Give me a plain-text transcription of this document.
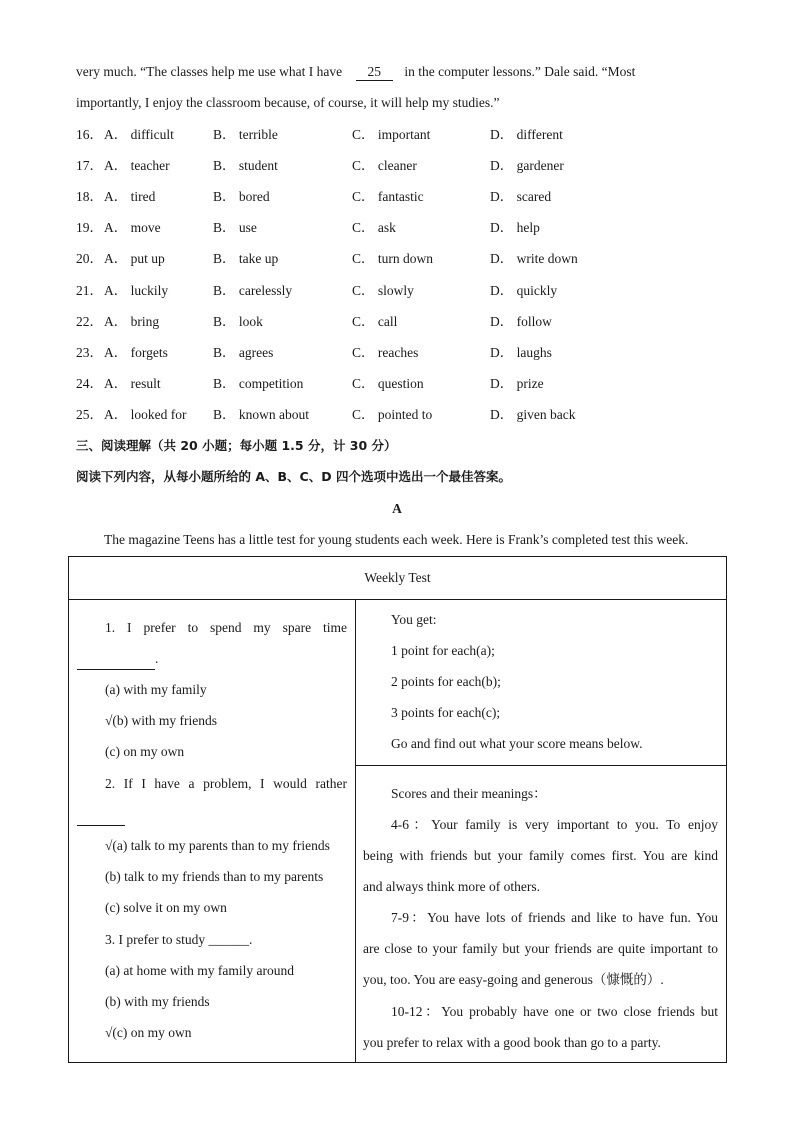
very much. “The classes help me use what I have 25 in the computer lessons.” Dale said. “Most
importantly, I enjoy the classroom because, of course, it will help my studies.”
16． A． difficult	B． terrible	C． important	D． different
17． A． teacher	B． student	C． cleaner	D． gardener
18． A． tired	B． bored	C． fantastic	D． scared
19． A． move	B． use	C． ask	D． help
20． A． put up	B． take up	C． turn down	D． write down
21． A． luckily	B． carelessly	C． slowly	D． quickly
22． A． bring	B． look	C． call	D． follow
23． A． forgets	B． agrees	C． reaches	D． laughs
24． A． result	B． competition	C． question	D． prize
25． A． looked for B． known about	C． pointed to	D． given back
三、阅读理解（共 20 小题；每小题 1.5 分，计 30 分）
阅读下列内容，从每小题所给的 A、B、C、D 四个选项中选出一个最佳答案。
A
The magazine Teens has a little test for young students each week. Here is Frank’s completed test this week.
Weekly Test
1. I prefer to spend my spare time
.
(a) with my family
√(b) with my friends
(c) on my own
2. If I have a problem, I would rather

√(a) talk to my parents than to my friends
(b) talk to my friends than to my parents
(c) solve it on my own
3. I prefer to study ______.
(a) at home with my family around
(b) with my friends
√(c) on my own
You get:
1 point for each(a);
2 points for each(b);
3 points for each(c);
Go and find out what your score means below.
Scores and their meanings：
4-6：Your family is very important to you. To enjoy
being with friends but your family comes first. You are kind
and always think more of others.
7-9：You have lots of friends and like to have fun. You
are close to your family but your friends are quite important to
you, too. You are easy-going and generous（慷慨的）.
10-12：You probably have one or two close friends but
you prefer to relax with a good book than go to a party.
